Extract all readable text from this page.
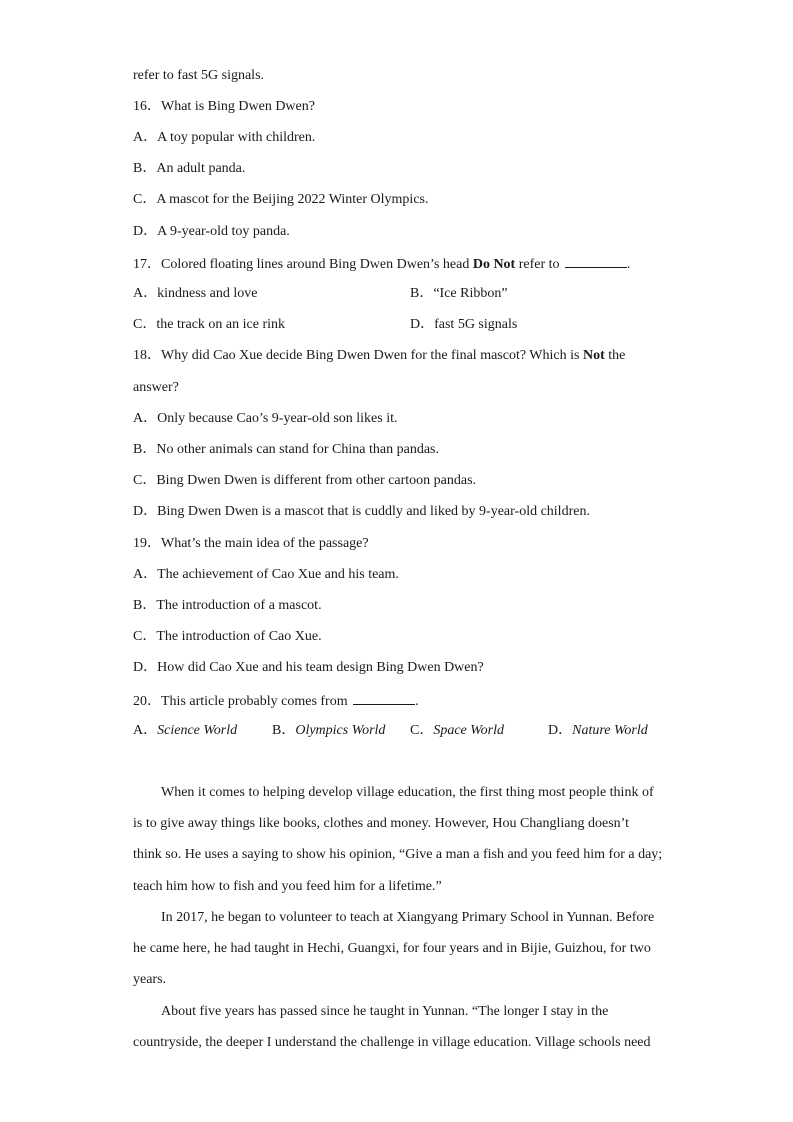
refer to fast 5G signals.
16．What is Bing Dwen Dwen?
A．A toy popular with children.
B．An adult panda.
C．A mascot for the Beijing 2022 Winter Olympics.
D．A 9-year-old toy panda.
17．Colored floating lines around Bing Dwen Dwen’s head Do Not refer to	.
A．kindness and love	B．“Ice Ribbon”
C．the track on an ice rink	D．fast 5G signals
18．Why did Cao Xue decide Bing Dwen Dwen for the final mascot? Which is Not the
answer?
A．Only because Cao’s 9-year-old son likes it.
B．No other animals can stand for China than pandas.
C．Bing Dwen Dwen is different from other cartoon pandas.
D．Bing Dwen Dwen is a mascot that is cuddly and liked by 9-year-old children.
19．What’s the main idea of the passage?
A．The achievement of Cao Xue and his team.
B．The introduction of a mascot.
C．The introduction of Cao Xue.
D．How did Cao Xue and his team design Bing Dwen Dwen?
20．This article probably comes from	.
A．Science World B．Olympics World C．Space World	D．Nature World
When it comes to helping develop village education, the first thing most people think of
is to give away things like books, clothes and money. However, Hou Changliang doesn’t
think so. He uses a saying to show his opinion, “Give a man a fish and you feed him for a day;
teach him how to fish and you feed him for a lifetime.”
In 2017, he began to volunteer to teach at Xiangyang Primary School in Yunnan. Before
he came here, he had taught in Hechi, Guangxi, for four years and in Bijie, Guizhou, for two
years.
About five years has passed since he taught in Yunnan. “The longer I stay in the
countryside, the deeper I understand the challenge in village education. Village schools need
